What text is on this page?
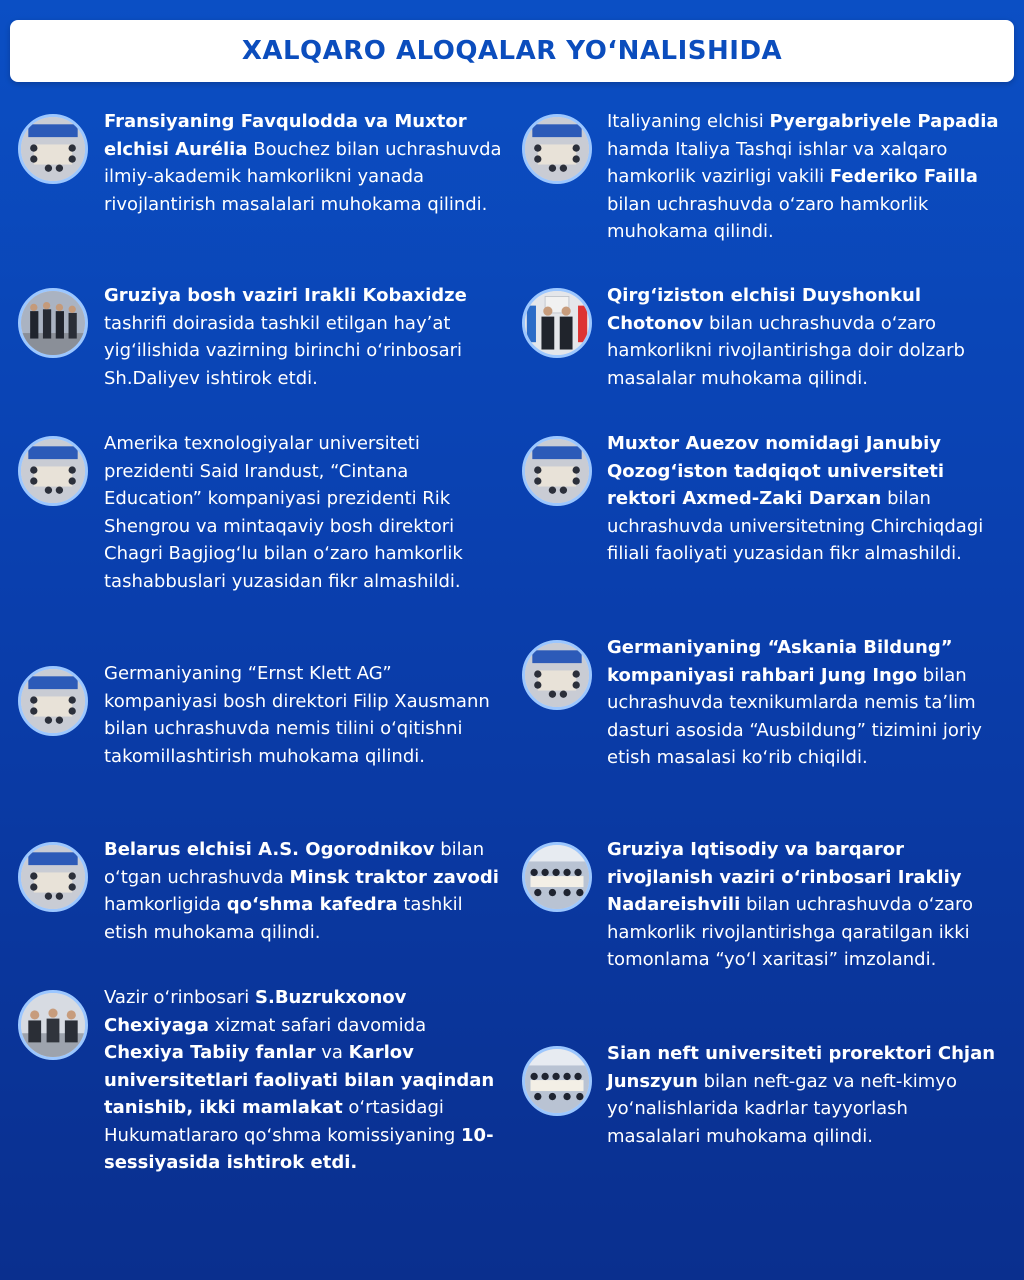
XALQARO ALOQALAR YOʻNALISHIDA
Fransiyaning Favqulodda va Muxtor elchisi Aurélia Bouchez bilan uchrashuvda ilmiy-akademik hamkorlikni yanada rivojlantirish masalalari muhokama qilindi.
Gruziya bosh vaziri Irakli Kobaxidze tashrifi doirasida tashkil etilgan hayʼat yigʻilishida vazirning birinchi oʻrinbosari Sh.Daliyev ishtirok etdi.
Amerika texnologiyalar universiteti prezidenti Said Irandust, “Cintana Education” kompaniyasi prezidenti Rik Shengrou va mintaqaviy bosh direktori Chagri Bagjiogʻlu bilan oʻzaro hamkorlik tashabbuslari yuzasidan fikr almashildi.
Germaniyaning “Ernst Klett AG” kompaniyasi bosh direktori Filip Xausmann bilan uchrashuvda nemis tilini oʻqitishni takomillashtirish muhokama qilindi.
Belarus elchisi A.S. Ogorodnikov bilan oʻtgan uchrashuvda Minsk traktor zavodi hamkorligida qoʻshma kafedra tashkil etish muhokama qilindi.
Vazir oʻrinbosari S.Buzrukxonov Chexiyaga xizmat safari davomida Chexiya Tabiiy fanlar va Karlov universitetlari faoliyati bilan yaqindan tanishib, ikki mamlakat oʻrtasidagi Hukumatlararo qoʻshma komissiyaning 10-sessiyasida ishtirok etdi.
Italiyaning elchisi Pyergabriyele Papadia hamda Italiya Tashqi ishlar va xalqaro hamkorlik vazirligi vakili Federiko Failla bilan uchrashuvda oʻzaro hamkorlik muhokama qilindi.
Qirgʻiziston elchisi Duyshonkul Chotonov bilan uchrashuvda oʻzaro hamkorlikni rivojlantirishga doir dolzarb masalalar muhokama qilindi.
Muxtor Auezov nomidagi Janubiy Qozogʻiston tadqiqot universiteti rektori Axmed-Zaki Darxan bilan uchrashuvda universitetning Chirchiqdagi filiali faoliyati yuzasidan fikr almashildi.
Germaniyaning “Askania Bildung” kompaniyasi rahbari Jung Ingo bilan uchrashuvda texnikumlarda nemis taʼlim dasturi asosida “Ausbildung” tizimini joriy etish masalasi koʻrib chiqildi.
Gruziya Iqtisodiy va barqaror rivojlanish vaziri oʻrinbosari Irakliy Nadareishvili bilan uchrashuvda oʻzaro hamkorlik rivojlantirishga qaratilgan ikki tomonlama “yoʻl xaritasi” imzolandi.
Sian neft universiteti prorektori Chjan Junszyun bilan neft-gaz va neft-kimyo yoʻnalishlarida kadrlar tayyorlash masalalari muhokama qilindi.
